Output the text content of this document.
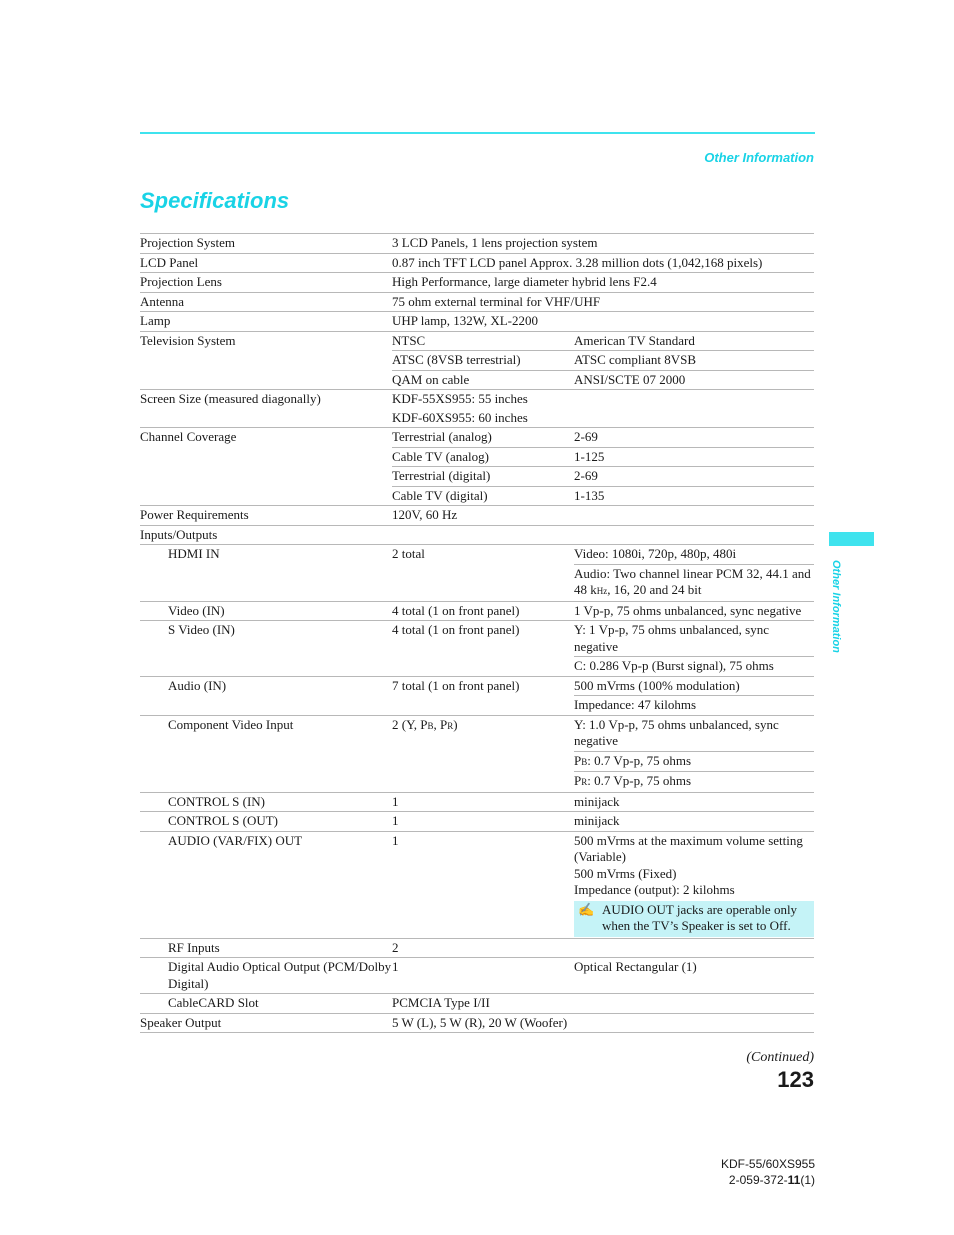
Other Information
Specifications
Projection System	3 LCD Panels, 1 lens projection system	
LCD Panel	0.87 inch TFT LCD panel Approx. 3.28 million dots (1,042,168 pixels)	
Projection Lens	High Performance, large diameter hybrid lens F2.4	
Antenna	75 ohm external terminal for VHF/UHF	
Lamp	UHP lamp, 132W, XL-2200	
Television System	NTSC	American TV Standard
	ATSC (8VSB terrestrial)	ATSC compliant 8VSB
	QAM on cable	ANSI/SCTE 07 2000
Screen Size (measured diagonally)	KDF-55XS955: 55 inches	
	KDF-60XS955: 60 inches	
Channel Coverage	Terrestrial (analog)	2-69
	Cable TV (analog)	1-125
	Terrestrial (digital)	2-69
	Cable TV (digital)	1-135
Power Requirements	120V, 60 Hz	
Inputs/Outputs		
HDMI IN	2 total	Video: 1080i, 720p, 480p, 480i
		Audio: Two channel linear PCM 32, 44.1 and 48 kHz, 16, 20 and 24 bit
Video (IN)	4 total (1 on front panel)	1 Vp-p, 75 ohms unbalanced, sync negative
S Video (IN)	4 total (1 on front panel)	Y: 1 Vp-p, 75 ohms unbalanced, sync negative
		C: 0.286 Vp-p (Burst signal), 75 ohms
Audio (IN)	7 total (1 on front panel)	500 mVrms (100% modulation)
		Impedance: 47 kilohms
Component Video Input	2 (Y, PB, PR)	Y: 1.0 Vp-p, 75 ohms unbalanced, sync negative
		PB: 0.7 Vp-p, 75 ohms
		PR: 0.7 Vp-p, 75 ohms
CONTROL S (IN)	1	minijack
CONTROL S (OUT)	1	minijack
AUDIO (VAR/FIX) OUT	1	500 mVrms at the maximum volume setting (Variable)
500 mVrms (Fixed)
Impedance (output): 2 kilohms
✍ AUDIO OUT jacks are operable only when the TV’s Speaker is set to Off.

RF Inputs	2	
Digital Audio Optical Output (PCM/Dolby Digital)	1	Optical Rectangular (1)
CableCARD Slot	PCMCIA Type I/II	
Speaker Output	5 W (L), 5 W (R), 20 W (Woofer)	
Other Information
(Continued)
123
KDF-55/60XS955
2-059-372-11(1)
